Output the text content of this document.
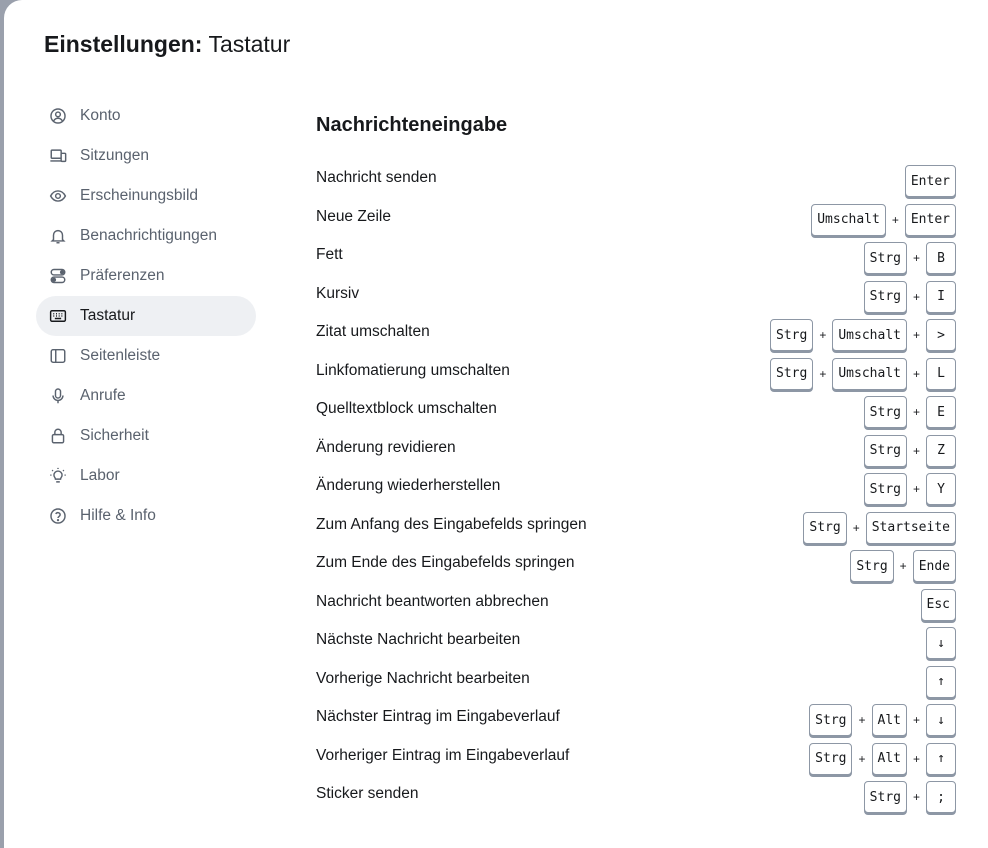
Einstellungen: Tastatur
Konto
Sitzungen
Erscheinungsbild
Benachrichtigungen
Präferenzen
Tastatur
Seitenleiste
Anrufe
Sicherheit
Labor
Hilfe & Info
Nachrichteneingabe
Nachricht senden	Enter
Neue Zeile	Umschalt	+ Enter
Fett	Strg	+	B
Kursiv	Strg	+	I
Zitat umschalten	Strg	+ Umschalt	+	>
Linkfomatierung umschalten	Strg	+ Umschalt	+	L
Quelltextblock umschalten	Strg	+	E
Änderung revidieren	Strg	+	Z
Änderung wiederherstellen	Strg	+	Y
Zum Anfang des Eingabefelds springen	Strg	+ Startseite
Zum Ende des Eingabefelds springen	Strg	+ Ende
Nachricht beantworten abbrechen	Esc
Nächste Nachricht bearbeiten	↓
Vorherige Nachricht bearbeiten	↑
Nächster Eintrag im Eingabeverlauf	Strg	+ Alt	+	↓
Vorheriger Eintrag im Eingabeverlauf	Strg	+ Alt	+	↑
Sticker senden	Strg	+	;
